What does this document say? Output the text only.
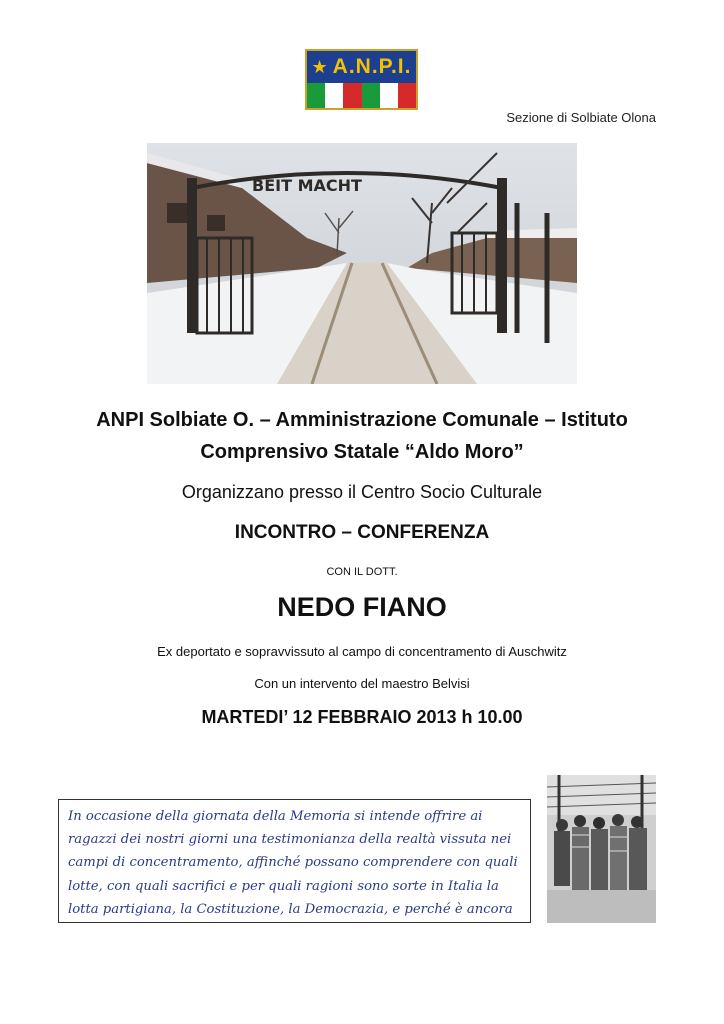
★ A.N.P.I.
Sezione di Solbiate Olona
BEIT MACHT
ANPI Solbiate O. – Amministrazione Comunale – Istituto Comprensivo Statale “Aldo Moro”
Organizzano presso il Centro Socio Culturale
INCONTRO – CONFERENZA
CON IL DOTT.
NEDO FIANO
Ex deportato e sopravvissuto al campo di concentramento di Auschwitz
Con un intervento del maestro Belvisi
MARTEDI’ 12 FEBBRAIO 2013 h 10.00
In occasione della giornata della Memoria si intende offrire ai ragazzi dei nostri giorni una testimonianza della realtà vissuta nei campi di concentramento, affinché possano comprendere con quali lotte, con quali sacrifici e per quali ragioni sono sorte in Italia la lotta partigiana, la Costituzione, la Democrazia, e perché è ancora
